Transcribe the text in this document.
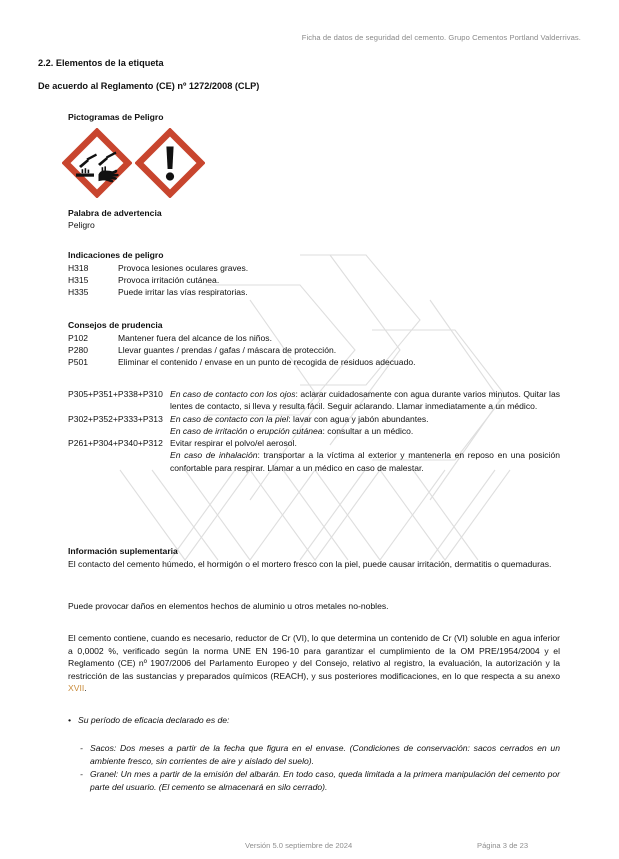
Ficha de datos de seguridad del cemento. Grupo Cementos Portland Valderrivas.
2.2. Elementos de la etiqueta
De acuerdo al Reglamento (CE) nº 1272/2008 (CLP)
Pictogramas de Peligro
Palabra de advertencia
Peligro
Indicaciones de peligro
H318	Provoca lesiones oculares graves.
H315	Provoca irritación cutánea.
H335	Puede irritar las vías respiratorias.
Consejos de prudencia
P102	Mantener fuera del alcance de los niños.
P280	Llevar guantes / prendas / gafas / máscara de protección.
P501	Eliminar el contenido / envase en un punto de recogida de residuos adecuado.
P305+P351+P338+P310 En caso de contacto con los ojos: aclarar cuidadosamente con agua durante varios minutos. Quitar las lentes de contacto, si lleva y resulta fácil. Seguir aclarando. Llamar inmediatamente a un médico.
P302+P352+P333+P313 En caso de contacto con la piel: lavar con agua y jabón abundantes.
En caso de irritación o erupción cutánea: consultar a un médico.
P261+P304+P340+P312 Evitar respirar el polvo/el aerosol.
En caso de inhalación: transportar a la víctima al exterior y mantenerla en reposo en una posición confortable para respirar. Llamar a un médico en caso de malestar.
Información suplementaria
El contacto del cemento húmedo, el hormigón o el mortero fresco con la piel, puede causar irritación, dermatitis o quemaduras.
Puede provocar daños en elementos hechos de aluminio u otros metales no-nobles.
El cemento contiene, cuando es necesario, reductor de Cr (VI), lo que determina un contenido de Cr (VI) soluble en agua inferior a 0,0002 %, verificado según la norma UNE EN 196-10 para garantizar el cumplimiento de la OM PRE/1954/2004 y el Reglamento (CE) nº 1907/2006 del Parlamento Europeo y del Consejo, relativo al registro, la evaluación, la autorización y la restricción de las sustancias y preparados químicos (REACH), y sus posteriores modificaciones, en lo que respecta a su anexo XVII.
• Su período de eficacia declarado es de:
- Sacos: Dos meses a partir de la fecha que figura en el envase. (Condiciones de conservación: sacos cerrados en un ambiente fresco, sin corrientes de aire y aislado del suelo).
- Granel: Un mes a partir de la emisión del albarán. En todo caso, queda limitada a la primera manipulación del cemento por parte del usuario. (El cemento se almacenará en silo cerrado).
Versión 5.0 septiembre de 2024	Página 3 de 23
